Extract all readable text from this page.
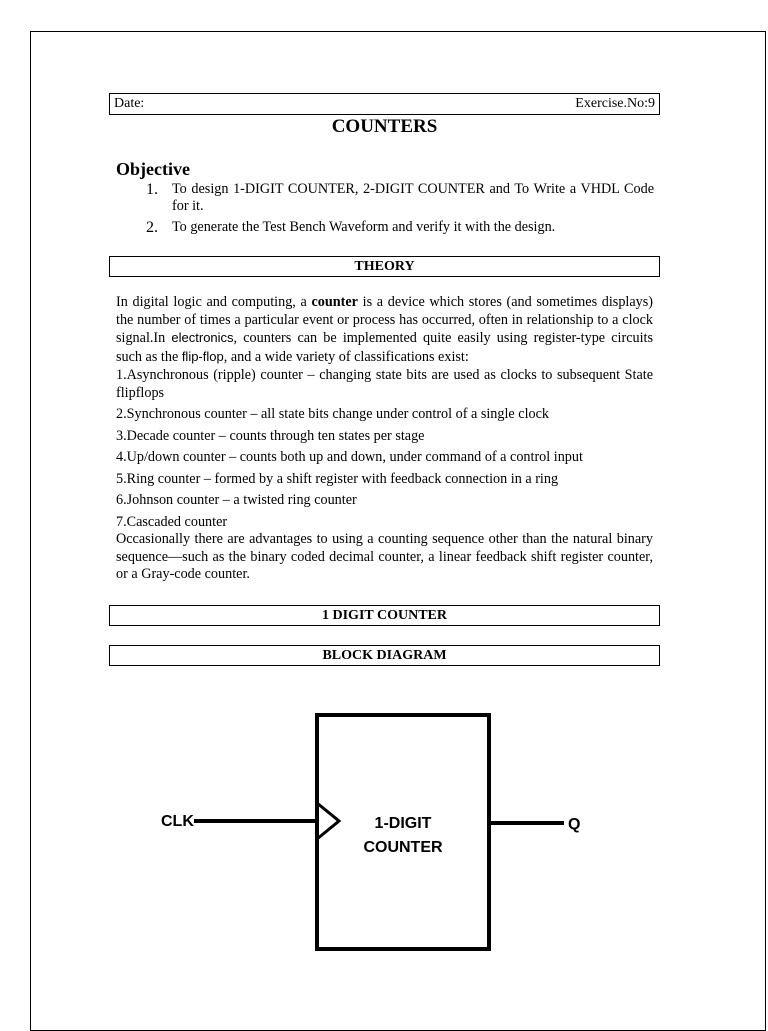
Date:	Exercise.No:9
COUNTERS
Objective
1. To design 1-DIGIT COUNTER, 2-DIGIT COUNTER and To Write a VHDL Code for it.
2. To generate the Test Bench Waveform and verify it with the design.
THEORY

In digital logic and computing, a counter is a device which stores (and sometimes displays) the number of times a particular event or process has occurred, often in relationship to a clock signal.In electronics, counters can be implemented quite easily using register-type circuits such as the flip-flop, and a wide variety of classifications exist:

1.Asynchronous (ripple) counter – changing state bits are used as clocks to subsequent State flipflops

2.Synchronous counter – all state bits change under control of a single clock

3.Decade counter – counts through ten states per stage

4.Up/down counter – counts both up and down, under command of a control input

5.Ring counter – formed by a shift register with feedback connection in a ring

6.Johnson counter – a twisted ring counter

7.Cascaded counter

Occasionally there are advantages to using a counting sequence other than the natural binary sequence—such as the binary coded decimal counter, a linear feedback shift register counter, or a Gray-code counter.

1 DIGIT COUNTER
BLOCK DIAGRAM
CLK	Q
1-DIGIT
COUNTER
